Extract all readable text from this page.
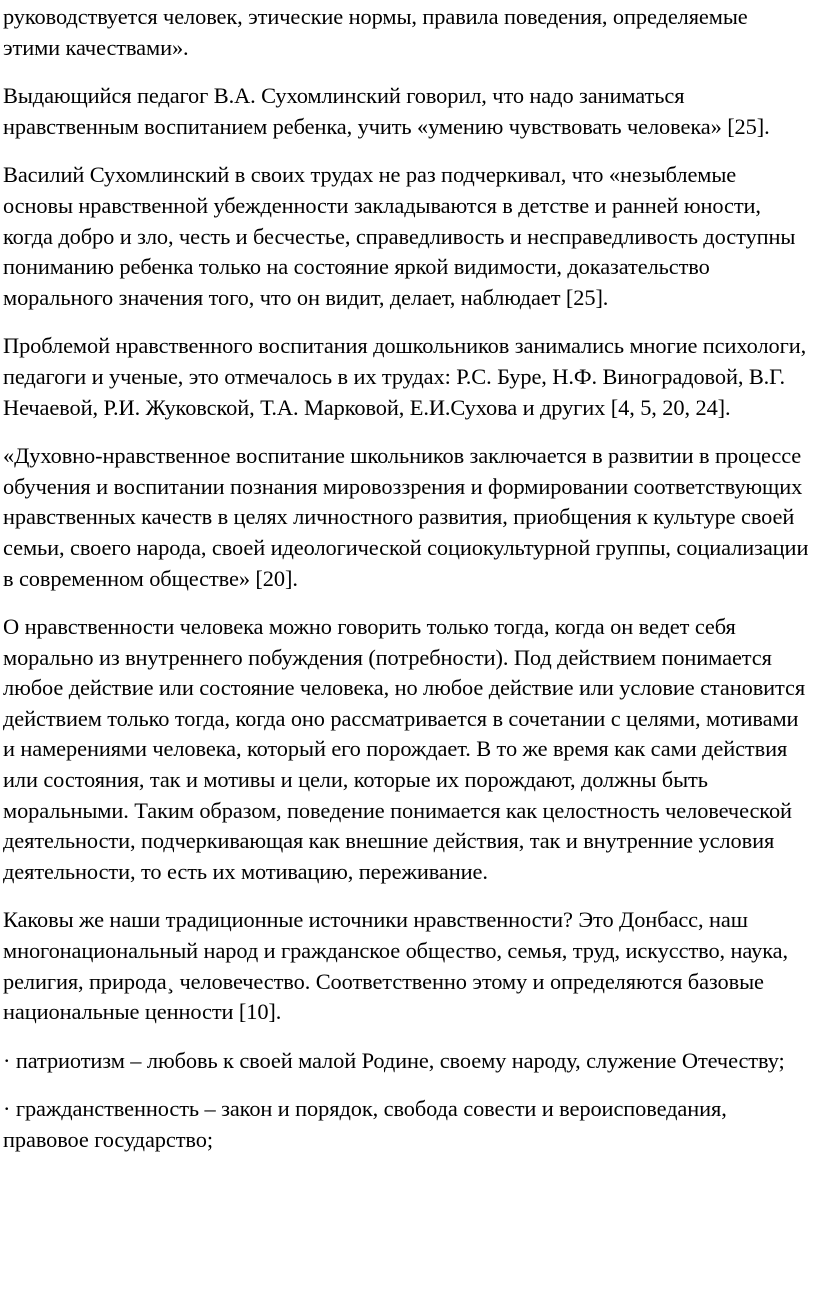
руководствуется человек, этические нормы, правила поведения, определяемые этими качествами».

Выдающийся педагог В.А. Сухомлинский говорил, что надо заниматься нравственным воспитанием ребенка, учить «умению чувствовать человека» [25].

Василий Сухомлинский в своих трудах не раз подчеркивал, что «незыблемые основы нравственной убежденности закладываются в детстве и ранней юности, когда добро и зло, честь и бесчестье, справедливость и несправедливость доступны пониманию ребенка только на состояние яркой видимости, доказательство морального значения того, что он видит, делает, наблюдает [25].

Проблемой нравственного воспитания дошкольников занимались многие психологи, педагоги и ученые, это отмечалось в их трудах: Р.С. Буре, Н.Ф. Виноградовой, В.Г. Нечаевой, Р.И. Жуковской, Т.А. Марковой, Е.И.Сухова и других [4, 5, 20, 24].

«Духовно-нравственное воспитание школьников заключается в развитии в процессе обучения и воспитании познания мировоззрения и формировании соответствующих нравственных качеств в целях личностного развития, приобщения к культуре своей семьи, своего народа, своей идеологической социокультурной группы, социализации в современном обществе» [20].

О нравственности человека можно говорить только тогда, когда он ведет себя морально из внутреннего побуждения (потребности). Под действием понимается любое действие или состояние человека, но любое действие или условие становится действием только тогда, когда оно рассматривается в сочетании с целями, мотивами и намерениями человека, который его порождает. В то же время как сами действия или состояния, так и мотивы и цели, которые их порождают, должны быть моральными. Таким образом, поведение понимается как целостность человеческой деятельности, подчеркивающая как внешние действия, так и внутренние условия деятельности, то есть их мотивацию, переживание.

Каковы же наши традиционные источники нравственности? Это Донбасс, наш многонациональный народ и гражданское общество, семья, труд, искусство, наука, религия, природа¸ человечество. Соответственно этому и определяются базовые национальные ценности [10].

· патриотизм – любовь к своей малой Родине, своему народу, служение Отечеству;

· гражданственность – закон и порядок, свобода совести и вероисповедания, правовое государство;
